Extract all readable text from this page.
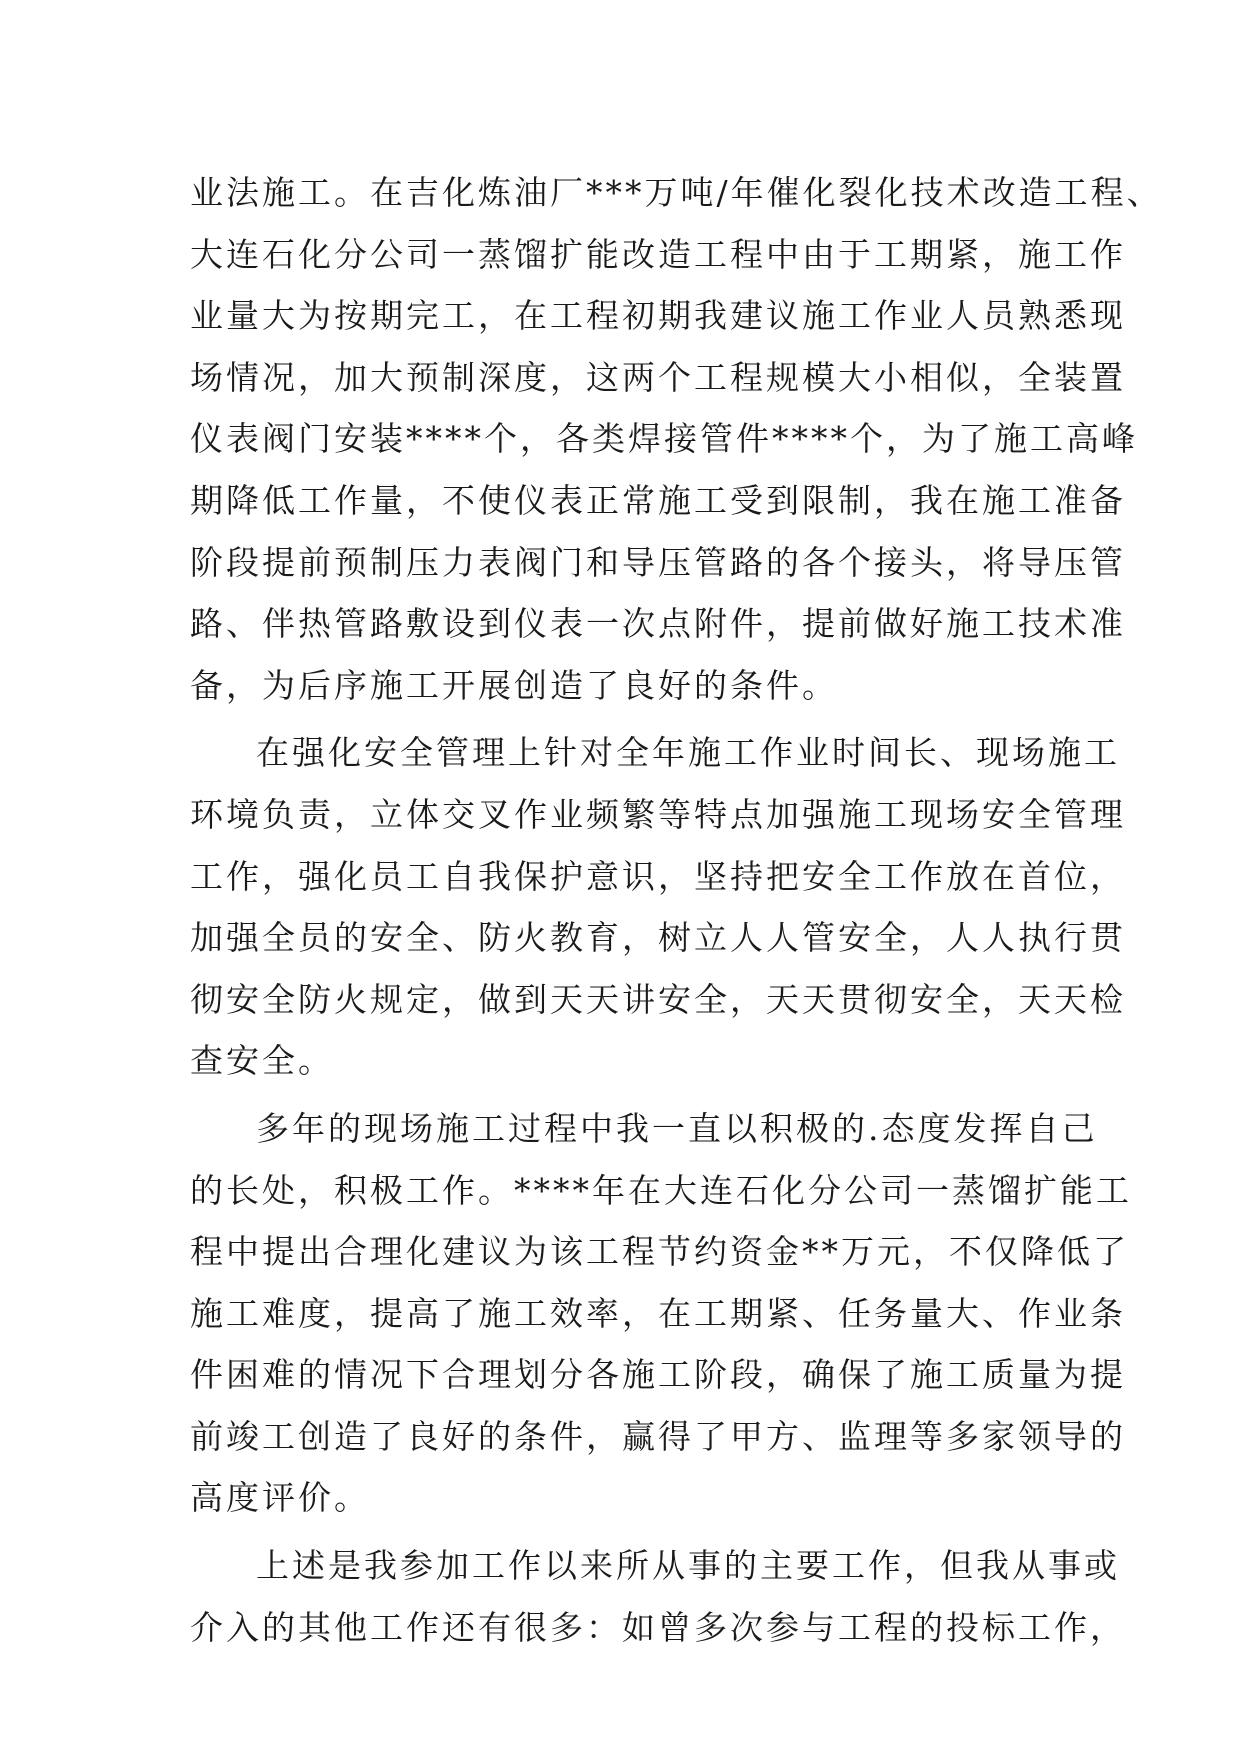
业法施工。在吉化炼油厂***万吨/年催化裂化技术改造工程、
大连石化分公司一蒸馏扩能改造工程中由于工期紧，施工作
业量大为按期完工，在工程初期我建议施工作业人员熟悉现
场情况，加大预制深度，这两个工程规模大小相似，全装置
仪表阀门安装****个，各类焊接管件****个，为了施工高峰
期降低工作量，不使仪表正常施工受到限制，我在施工准备
阶段提前预制压力表阀门和导压管路的各个接头，将导压管
路、伴热管路敷设到仪表一次点附件，提前做好施工技术准
备，为后序施工开展创造了良好的条件。
在强化安全管理上针对全年施工作业时间长、现场施工
环境负责，立体交叉作业频繁等特点加强施工现场安全管理
工作，强化员工自我保护意识，坚持把安全工作放在首位，
加强全员的安全、防火教育，树立人人管安全，人人执行贯
彻安全防火规定，做到天天讲安全，天天贯彻安全，天天检
查安全。
多年的现场施工过程中我一直以积极的.态度发挥自己
的长处，积极工作。****年在大连石化分公司一蒸馏扩能工
程中提出合理化建议为该工程节约资金**万元，不仅降低了
施工难度，提高了施工效率，在工期紧、任务量大、作业条
件困难的情况下合理划分各施工阶段，确保了施工质量为提
前竣工创造了良好的条件，赢得了甲方、监理等多家领导的
高度评价。
上述是我参加工作以来所从事的主要工作，但我从事或
介入的其他工作还有很多：如曾多次参与工程的投标工作，
